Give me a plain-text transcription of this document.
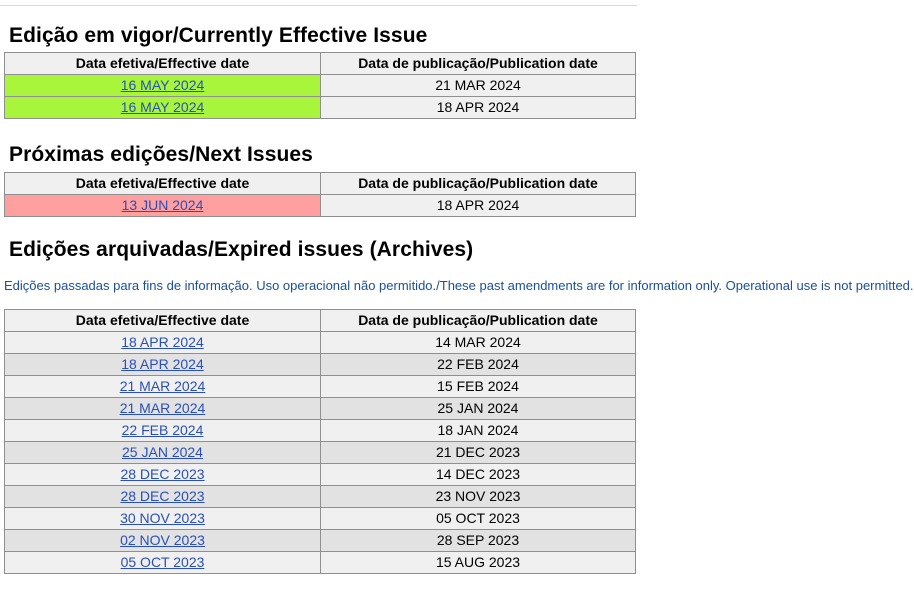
Edição em vigor/Currently Effective Issue
Data efetiva/Effective date	Data de publicação/Publication date
16 MAY 2024	21 MAR 2024
16 MAY 2024	18 APR 2024
Próximas edições/Next Issues
Data efetiva/Effective date	Data de publicação/Publication date
13 JUN 2024	18 APR 2024
Edições arquivadas/Expired issues (Archives)
Edições passadas para fins de informação. Uso operacional não permitido./These past amendments are for information only. Operational use is not permitted.
Data efetiva/Effective date	Data de publicação/Publication date
18 APR 2024	14 MAR 2024
18 APR 2024	22 FEB 2024
21 MAR 2024	15 FEB 2024
21 MAR 2024	25 JAN 2024
22 FEB 2024	18 JAN 2024
25 JAN 2024	21 DEC 2023
28 DEC 2023	14 DEC 2023
28 DEC 2023	23 NOV 2023
30 NOV 2023	05 OCT 2023
02 NOV 2023	28 SEP 2023
05 OCT 2023	15 AUG 2023
